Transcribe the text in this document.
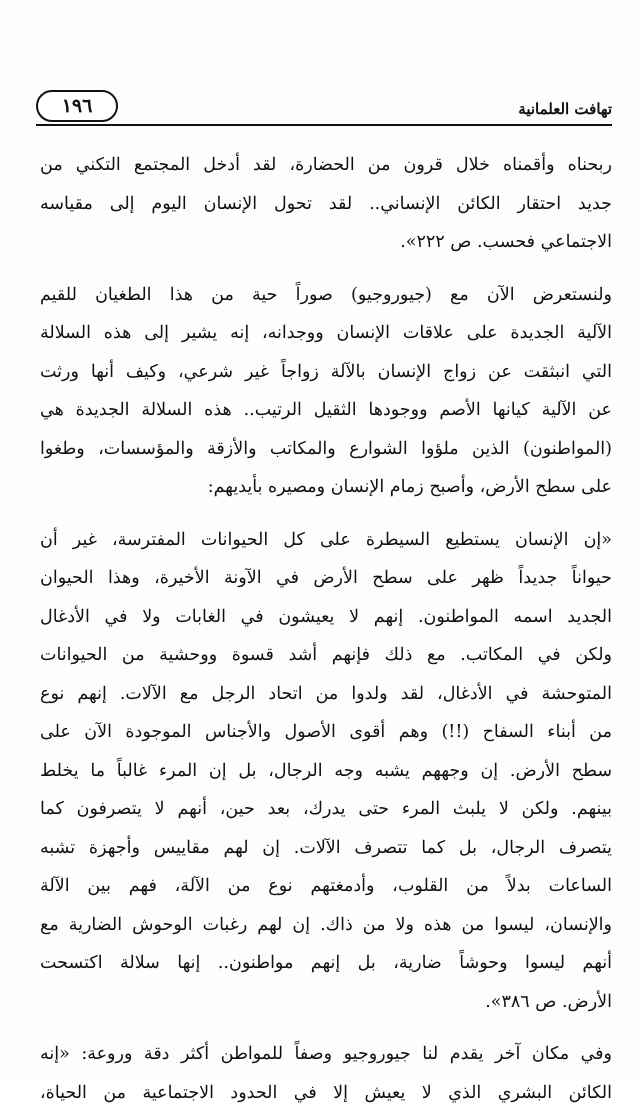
١٩٦	تهافت العلمانية
ربحناه وأقمناه خلال قرون من الحضارة، لقد أدخل المجتمع التكني من
جديد احتقار الكائن الإنساني.. لقد تحول الإنسان اليوم إلى مقياسه
الاجتماعي فحسب. ص ٢٢٢».
ولنستعرض الآن مع (جيوروجيو) صوراً حية من هذا الطغيان للقيم
الآلية الجديدة على علاقات الإنسان ووجدانه، إنه يشير إلى هذه السلالة
التي انبثقت عن زواج الإنسان بالآلة زواجاً غير شرعي، وكيف أنها ورثت
عن الآلية كيانها الأصم ووجودها الثقيل الرتيب.. هذه السلالة الجديدة هي
(المواطنون) الذين ملؤوا الشوارع والمكاتب والأزقة والمؤسسات، وطغوا
على سطح الأرض، وأصبح زمام الإنسان ومصيره بأيديهم:
«إن الإنسان يستطيع السيطرة على كل الحيوانات المفترسة، غير أن
حيواناً جديداً ظهر على سطح الأرض في الآونة الأخيرة، وهذا الحيوان
الجديد اسمه المواطنون. إنهم لا يعيشون في الغابات ولا في الأدغال
ولكن في المكاتب. مع ذلك فإنهم أشد قسوة ووحشية من الحيوانات
المتوحشة في الأدغال، لقد ولدوا من اتحاد الرجل مع الآلات. إنهم نوع
من أبناء السفاح (!!) وهم أقوى الأصول والأجناس الموجودة الآن على
سطح الأرض. إن وجههم يشبه وجه الرجال، بل إن المرء غالباً ما يخلط
بينهم. ولكن لا يلبث المرء حتى يدرك، بعد حين، أنهم لا يتصرفون كما
يتصرف الرجال، بل كما تتصرف الآلات. إن لهم مقاييس وأجهزة تشبه
الساعات بدلاً من القلوب، وأدمغتهم نوع من الآلة، فهم بين الآلة
والإنسان، ليسوا من هذه ولا من ذاك. إن لهم رغبات الوحوش الضارية مع
أنهم ليسوا وحوشاً ضارية، بل إنهم مواطنون.. إنها سلالة اكتسحت
الأرض. ص ٣٨٦».
وفي مكان آخر يقدم لنا جيوروجيو وصفاً للمواطن أكثر دقة وروعة: «إنه
الكائن البشري الذي لا يعيش إلا في الحدود الاجتماعية من الحياة،
